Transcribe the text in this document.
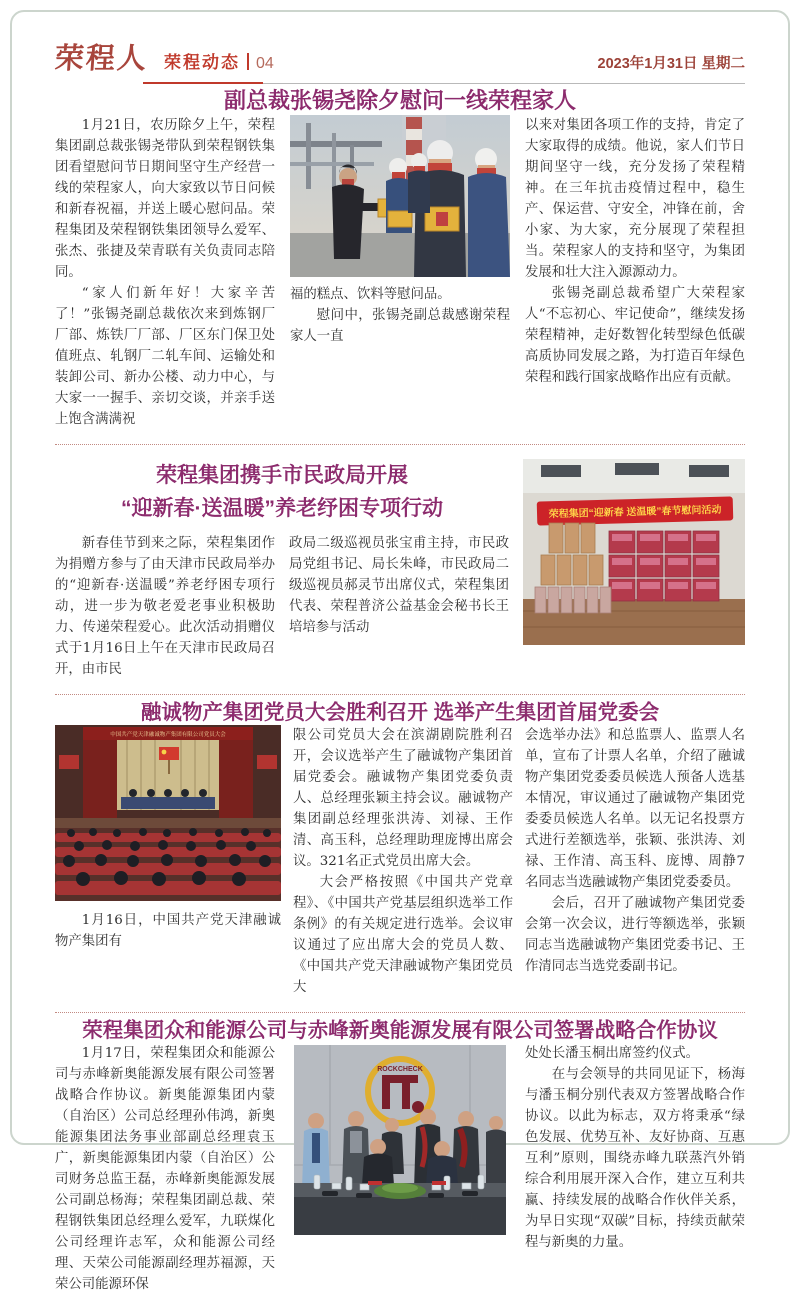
荣程人 荣程动态 04	2023年1月31日 星期二
副总裁张锡尧除夕慰问一线荣程家人

1月21日，农历除夕上午，荣程集团副总裁张锡尧带队到荣程钢铁集团看望慰问节日期间坚守生产经营一线的荣程家人，向大家致以节日问候和新春祝福，并送上暖心慰问品。荣程集团及荣程钢铁集团领导么爱军、张杰、张捷及荣青联有关负责同志陪同。

“家人们新年好！大家辛苦了！”张锡尧副总裁依次来到炼钢厂厂部、炼铁厂厂部、厂区东门保卫处值班点、轧钢厂二轧车间、运输处和装卸公司、新办公楼、动力中心，与大家一一握手、亲切交谈，并亲手送上饱含满满祝

福的糕点、饮料等慰问品。

慰问中，张锡尧副总裁感谢荣程家人一直

以来对集团各项工作的支持，肯定了大家取得的成绩。他说，家人们节日期间坚守一线，充分发扬了荣程精神。在三年抗击疫情过程中，稳生产、保运营、守安全，冲锋在前，舍小家、为大家，充分展现了荣程担当。荣程家人的支持和坚守，为集团发展和壮大注入源源动力。

张锡尧副总裁希望广大荣程家人“不忘初心、牢记使命”，继续发扬荣程精神，走好数智化转型绿色低碳高质协同发展之路，为打造百年绿色荣程和践行国家战略作出应有贡献。

荣程集团携手市民政局开展
“迎新春·送温暖”养老纾困专项行动

新春佳节到来之际，荣程集团作为捐赠方参与了由天津市民政局举办的“迎新春·送温暖”养老纾困专项行动，进一步为敬老爱老事业积极助力、传递荣程爱心。此次活动捐赠仪式于1月16日上午在天津市民政局召开，由市民

政局二级巡视员张宝甫主持，市民政局党组书记、局长朱峰，市民政局二级巡视员郝灵节出席仪式，荣程集团代表、荣程普济公益基金会秘书长王培培参与活动

荣程集团“迎新春 送温暖”春节慰问活动
融诚物产集团党员大会胜利召开 选举产生集团首届党委会
中国共产党天津融诚物产集团有限公司党员大会

1月16日，中国共产党天津融诚物产集团有

限公司党员大会在滨湖剧院胜利召开，会议选举产生了融诚物产集团首届党委会。融诚物产集团党委负责人、总经理张颖主持会议。融诚物产集团副总经理张洪涛、刘禄、王作清、高玉科，总经理助理庞博出席会议。321名正式党员出席大会。

大会严格按照《中国共产党章程》、《中国共产党基层组织选举工作条例》的有关规定进行选举。会议审议通过了应出席大会的党员人数、《中国共产党天津融诚物产集团党员大

会选举办法》和总监票人、监票人名单，宣布了计票人名单，介绍了融诚物产集团党委委员候选人预备人选基本情况，审议通过了融诚物产集团党委委员候选人名单。以无记名投票方式进行差额选举，张颖、张洪涛、刘禄、王作清、高玉科、庞博、周静7名同志当选融诚物产集团党委委员。

会后，召开了融诚物产集团党委会第一次会议，进行等额选举，张颖同志当选融诚物产集团党委书记、王作清同志当选党委副书记。

荣程集团众和能源公司与赤峰新奥能源发展有限公司签署战略合作协议

1月17日，荣程集团众和能源公司与赤峰新奥能源发展有限公司签署战略合作协议。新奥能源集团内蒙（自治区）公司总经理孙伟鸿，新奥能源集团法务事业部副总经理袁玉广，新奥能源集团内蒙（自治区）公司财务总监王磊，赤峰新奥能源发展公司副总杨海；荣程集团副总裁、荣程钢铁集团总经理么爱军，九联煤化公司经理许志军，众和能源公司经理、天荣公司能源副经理苏福源，天荣公司能源环保

ROCKCHECK

处处长潘玉桐出席签约仪式。

在与会领导的共同见证下，杨海与潘玉桐分别代表双方签署战略合作协议。以此为标志，双方将秉承“绿色发展、优势互补、友好协商、互惠互利”原则，围绕赤峰九联蒸汽外销综合利用展开深入合作，建立互利共赢、持续发展的战略合作伙伴关系，为早日实现“双碳”目标，持续贡献荣程与新奥的力量。
